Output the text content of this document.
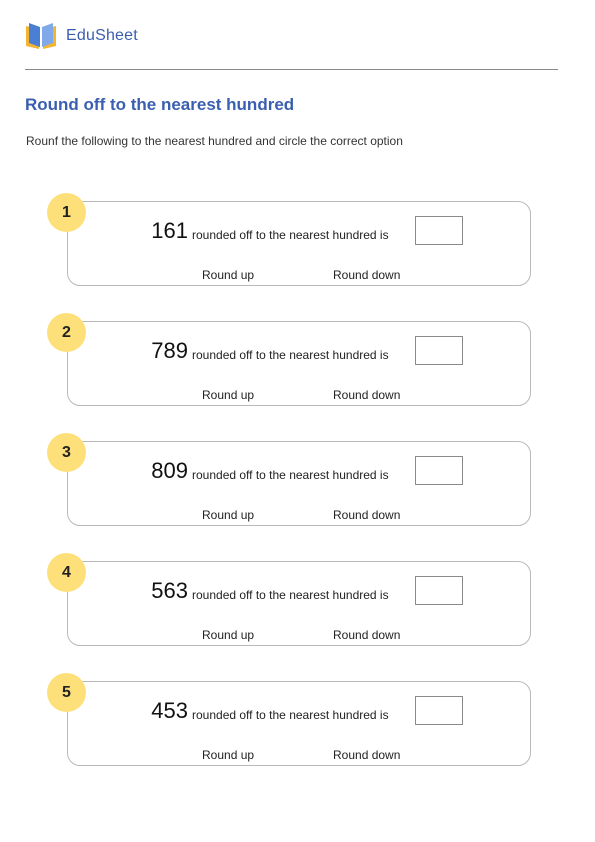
EduSheet
Round off to the nearest hundred
Rounf the following to the nearest hundred and circle the correct option
1
161 rounded off to the nearest hundred is
Round up	Round down
2
789 rounded off to the nearest hundred is
Round up	Round down
3
809 rounded off to the nearest hundred is
Round up	Round down
4
563 rounded off to the nearest hundred is
Round up	Round down
5
453 rounded off to the nearest hundred is
Round up	Round down
